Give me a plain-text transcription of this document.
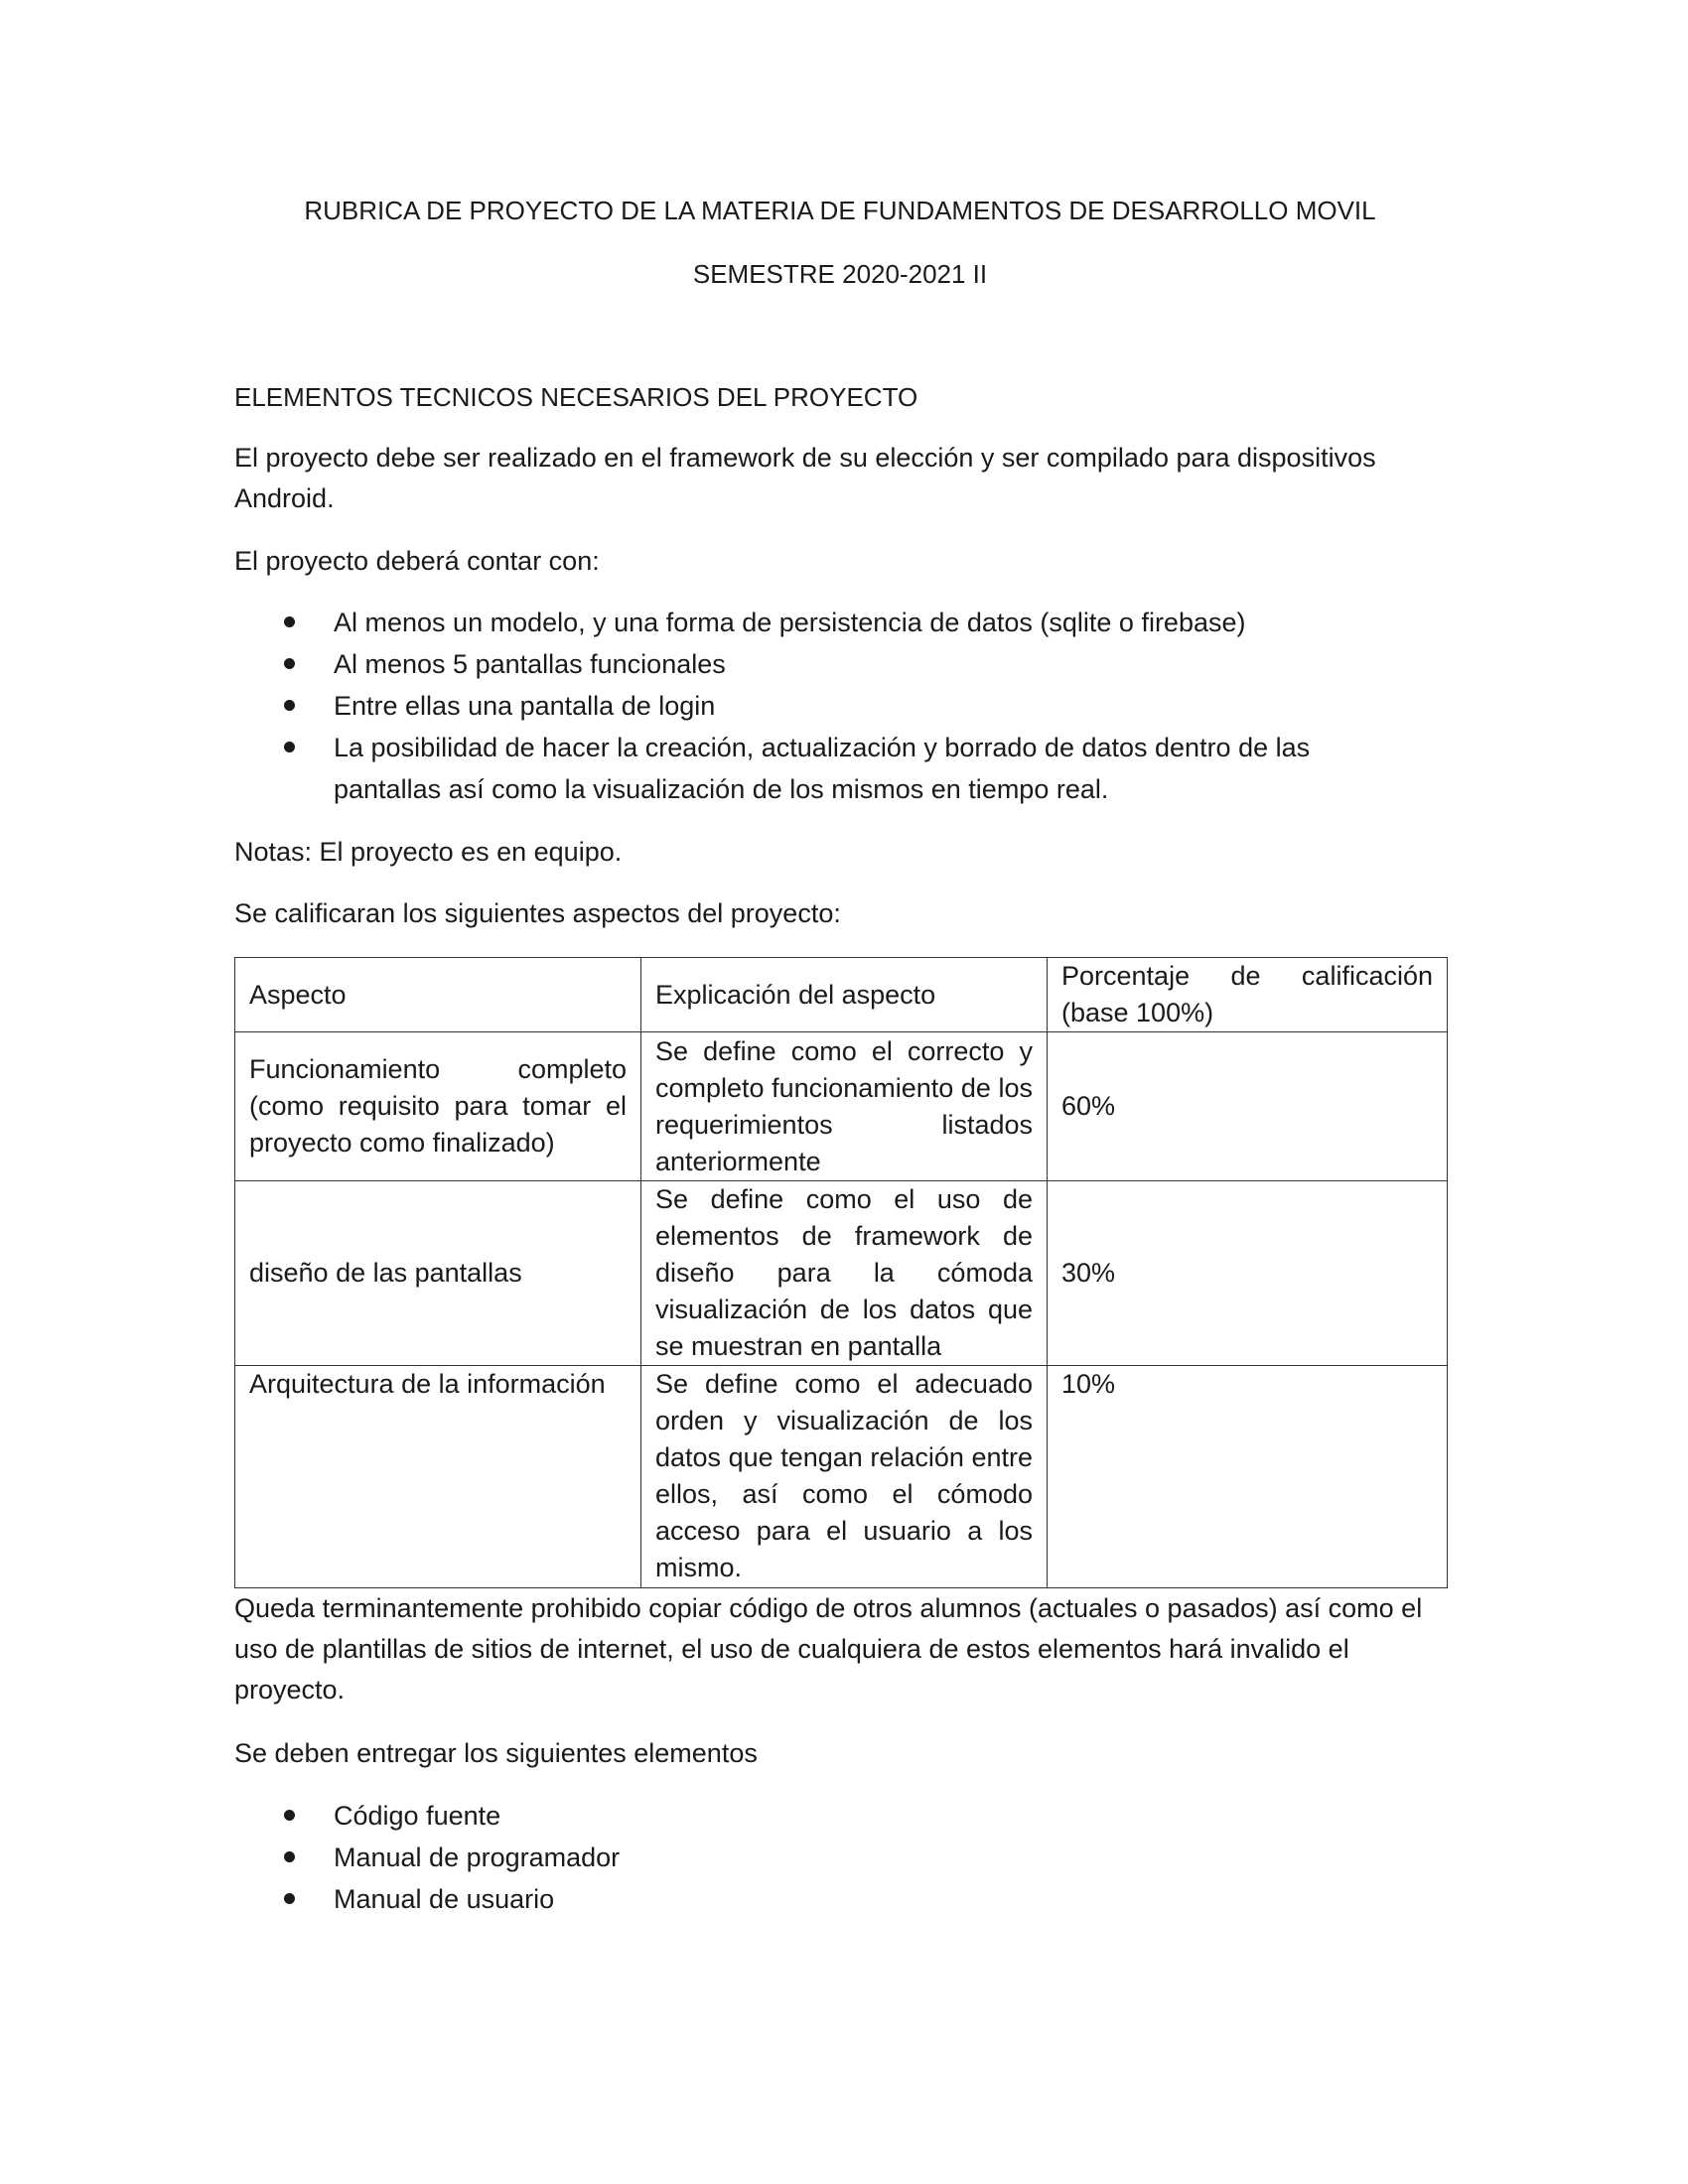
RUBRICA DE PROYECTO DE LA MATERIA DE FUNDAMENTOS DE DESARROLLO MOVIL
SEMESTRE 2020-2021 II
ELEMENTOS TECNICOS NECESARIOS DEL PROYECTO
El proyecto debe ser realizado en el framework de su elección y ser compilado para dispositivos Android.
El proyecto deberá contar con:
Al menos un modelo, y una forma de persistencia de datos (sqlite o firebase)
Al menos 5 pantallas funcionales
Entre ellas una pantalla de login
La posibilidad de hacer la creación, actualización y borrado de datos dentro de las pantallas así como la visualización de los mismos en tiempo real.
Notas: El proyecto es en equipo.
Se calificaran los siguientes aspectos del proyecto:
Aspecto	Explicación del aspecto	Porcentaje de calificación (base 100%)
Funcionamiento completo (como requisito para tomar el proyecto como finalizado)	Se define como el correcto y completo funcionamiento de los requerimientos listados anteriormente	60%
diseño de las pantallas	Se define como el uso de elementos de framework de diseño para la cómoda visualización de los datos que se muestran en pantalla	30%
Arquitectura de la información	Se define como el adecuado orden y visualización de los datos que tengan relación entre ellos, así como el cómodo acceso para el usuario a los mismo.	10%
Queda terminantemente prohibido copiar código de otros alumnos (actuales o pasados) así como el uso de plantillas de sitios de internet, el uso de cualquiera de estos elementos hará invalido el proyecto.
Se deben entregar los siguientes elementos
Código fuente
Manual de programador
Manual de usuario
